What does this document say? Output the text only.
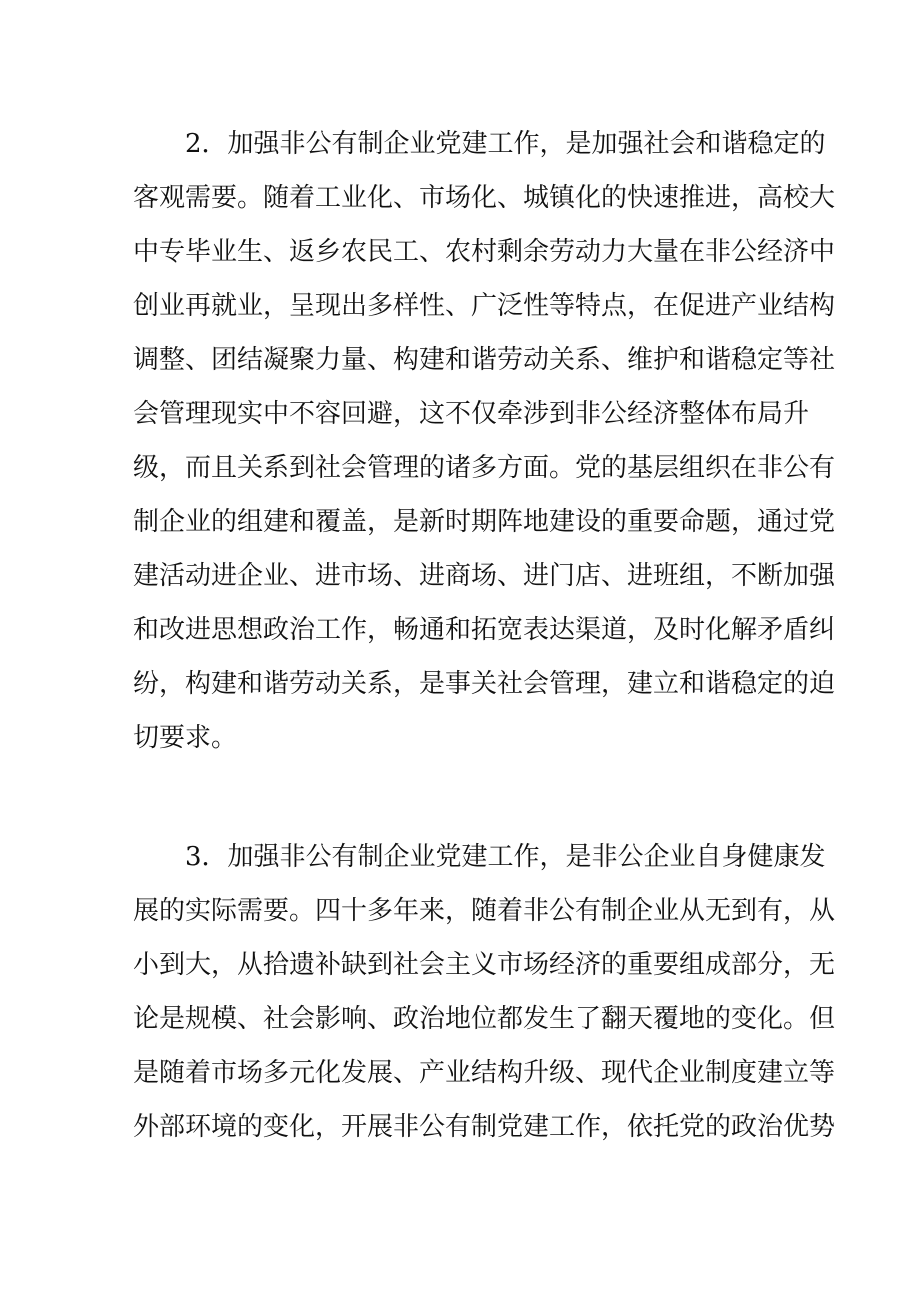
2．加强非公有制企业党建工作，是加强社会和谐稳定的
客观需要。随着工业化、市场化、城镇化的快速推进，高校大
中专毕业生、返乡农民工、农村剩余劳动力大量在非公经济中
创业再就业，呈现出多样性、广泛性等特点，在促进产业结构
调整、团结凝聚力量、构建和谐劳动关系、维护和谐稳定等社
会管理现实中不容回避，这不仅牵涉到非公经济整体布局升
级，而且关系到社会管理的诸多方面。党的基层组织在非公有
制企业的组建和覆盖，是新时期阵地建设的重要命题，通过党
建活动进企业、进市场、进商场、进门店、进班组，不断加强
和改进思想政治工作，畅通和拓宽表达渠道，及时化解矛盾纠
纷，构建和谐劳动关系，是事关社会管理，建立和谐稳定的迫
切要求。
3．加强非公有制企业党建工作，是非公企业自身健康发
展的实际需要。四十多年来，随着非公有制企业从无到有，从
小到大，从拾遗补缺到社会主义市场经济的重要组成部分，无
论是规模、社会影响、政治地位都发生了翻天覆地的变化。但
是随着市场多元化发展、产业结构升级、现代企业制度建立等
外部环境的变化，开展非公有制党建工作，依托党的政治优势
